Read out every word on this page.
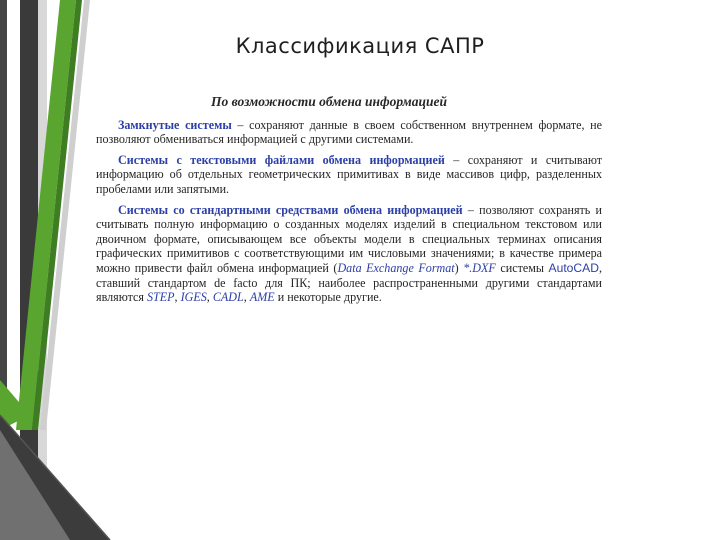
Классификация САПР
По возможности обмена информацией

Замкнутые системы – сохраняют данные в своем собственном внутреннем формате, не позволяют обмениваться информацией с другими системами.

Системы с текстовыми файлами обмена информацией – сохраняют и считывают информацию об отдельных геометрических примитивах в виде массивов цифр, разделенных пробелами или запятыми.

Системы со стандартными средствами обмена информацией – позволяют сохранять и считывать полную информацию о созданных моделях изделий в специальном текстовом или двоичном формате, описывающем все объекты модели в специальных терминах описания графических примитивов с соответствующими им числовыми значениями; в качестве примера можно привести файл обмена информацией (Data Exchange Format) *.DXF системы AutoCAD, ставший стандартом de facto для ПК; наиболее распространенными другими стандартами являются STEP, IGES, CADL, AME и некоторые другие.
